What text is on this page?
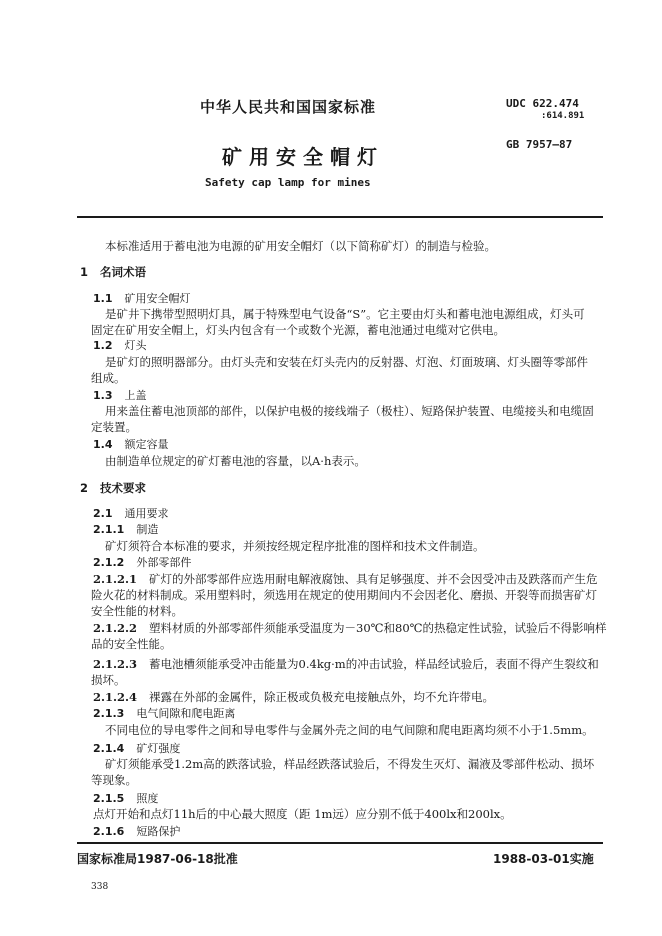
中华人民共和国国家标准	UDC 622.474
:614.891
矿用安全帽灯
GB 7957—87
Safety cap lamp for mines
本标准适用于蓄电池为电源的矿用安全帽灯（以下简称矿灯）的制造与检验。
1 名词术语
1.1 矿用安全帽灯
是矿井下携带型照明灯具，属于特殊型电气设备“S”。它主要由灯头和蓄电池电源组成，灯头可
固定在矿用安全帽上，灯头内包含有一个或数个光源，蓄电池通过电缆对它供电。
1.2 灯头
是矿灯的照明器部分。由灯头壳和安装在灯头壳内的反射器、灯泡、灯面玻璃、灯头圈等零部件
组成。
1.3 上盖
用来盖住蓄电池顶部的部件，以保护电极的接线端子（极柱）、短路保护装置、电缆接头和电缆固
定装置。
1.4 额定容量
由制造单位规定的矿灯蓄电池的容量，以A·h表示。
2 技术要求
2.1 通用要求
2.1.1 制造
矿灯须符合本标准的要求，并须按经规定程序批准的图样和技术文件制造。
2.1.2 外部零部件
2.1.2.1 矿灯的外部零部件应选用耐电解液腐蚀、具有足够强度、并不会因受冲击及跌落而产生危
险火花的材料制成。采用塑料时，须选用在规定的使用期间内不会因老化、磨损、开裂等而损害矿灯
安全性能的材料。
2.1.2.2 塑料材质的外部零部件须能承受温度为－30℃和80℃的热稳定性试验，试验后不得影响样
品的安全性能。
2.1.2.3 蓄电池槽须能承受冲击能量为0.4kg·m的冲击试验，样品经试验后，表面不得产生裂纹和
损坏。
2.1.2.4 裸露在外部的金属件，除正极或负极充电接触点外，均不允许带电。
2.1.3 电气间隙和爬电距离
不同电位的导电零件之间和导电零件与金属外壳之间的电气间隙和爬电距离均须不小于1.5mm。
2.1.4 矿灯强度
矿灯须能承受1.2m高的跌落试验，样品经跌落试验后，不得发生灭灯、漏液及零部件松动、损坏
等现象。
2.1.5 照度
点灯开始和点灯11h后的中心最大照度（距 1m远）应分别不低于400lx和200lx。
2.1.6 短路保护
国家标准局1987-06-18批准	1988-03-01实施
338
